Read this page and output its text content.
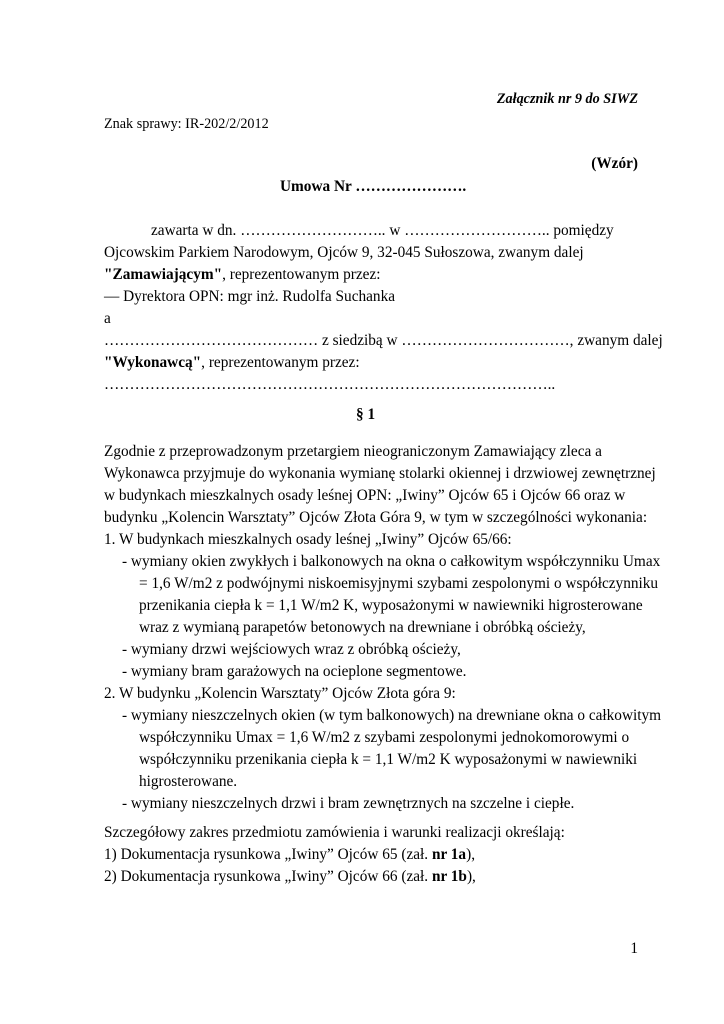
Załącznik nr 9 do SIWZ

Znak sprawy: IR-202/2/2012

(Wzór)

Umowa Nr ………………….

zawarta w dn. ……………………….. w ……………………….. pomiędzy

Ojcowskim Parkiem Narodowym, Ojców 9, 32-045 Sułoszowa, zwanym dalej

"Zamawiającym", reprezentowanym przez:

— Dyrektora OPN: mgr inż. Rudolfa Suchanka

a

…………………………………… z siedzibą w ……………………………, zwanym dalej

"Wykonawcą", reprezentowanym przez:

……………………………………………………………………………..

§ 1

Zgodnie z przeprowadzonym przetargiem nieograniczonym Zamawiający zleca a

Wykonawca przyjmuje do wykonania wymianę stolarki okiennej i drzwiowej zewnętrznej

w budynkach mieszkalnych osady leśnej OPN: „Iwiny” Ojców 65 i Ojców 66 oraz w

budynku „Kolencin Warsztaty” Ojców Złota Góra 9, w tym w szczególności wykonania:

1. W budynkach mieszkalnych osady leśnej „Iwiny” Ojców 65/66:

- wymiany okien zwykłych i balkonowych na okna o całkowitym współczynniku Umax

= 1,6 W/m2 z podwójnymi niskoemisyjnymi szybami zespolonymi o współczynniku

przenikania ciepła k = 1,1 W/m2 K, wyposażonymi w nawiewniki higrosterowane

wraz z wymianą parapetów betonowych na drewniane i obróbką ościeży,

- wymiany drzwi wejściowych wraz z obróbką ościeży,

- wymiany bram garażowych na ocieplone segmentowe.

2. W budynku „Kolencin Warsztaty” Ojców Złota góra 9:

- wymiany nieszczelnych okien (w tym balkonowych) na drewniane okna o całkowitym

współczynniku Umax = 1,6 W/m2 z szybami zespolonymi jednokomorowymi o

współczynniku przenikania ciepła k = 1,1 W/m2 K wyposażonymi w nawiewniki

higrosterowane.

- wymiany nieszczelnych drzwi i bram zewnętrznych na szczelne i ciepłe.

Szczegółowy zakres przedmiotu zamówienia i warunki realizacji określają:

1) Dokumentacja rysunkowa „Iwiny” Ojców 65 (zał. nr 1a),

2) Dokumentacja rysunkowa „Iwiny” Ojców 66 (zał. nr 1b),

1
